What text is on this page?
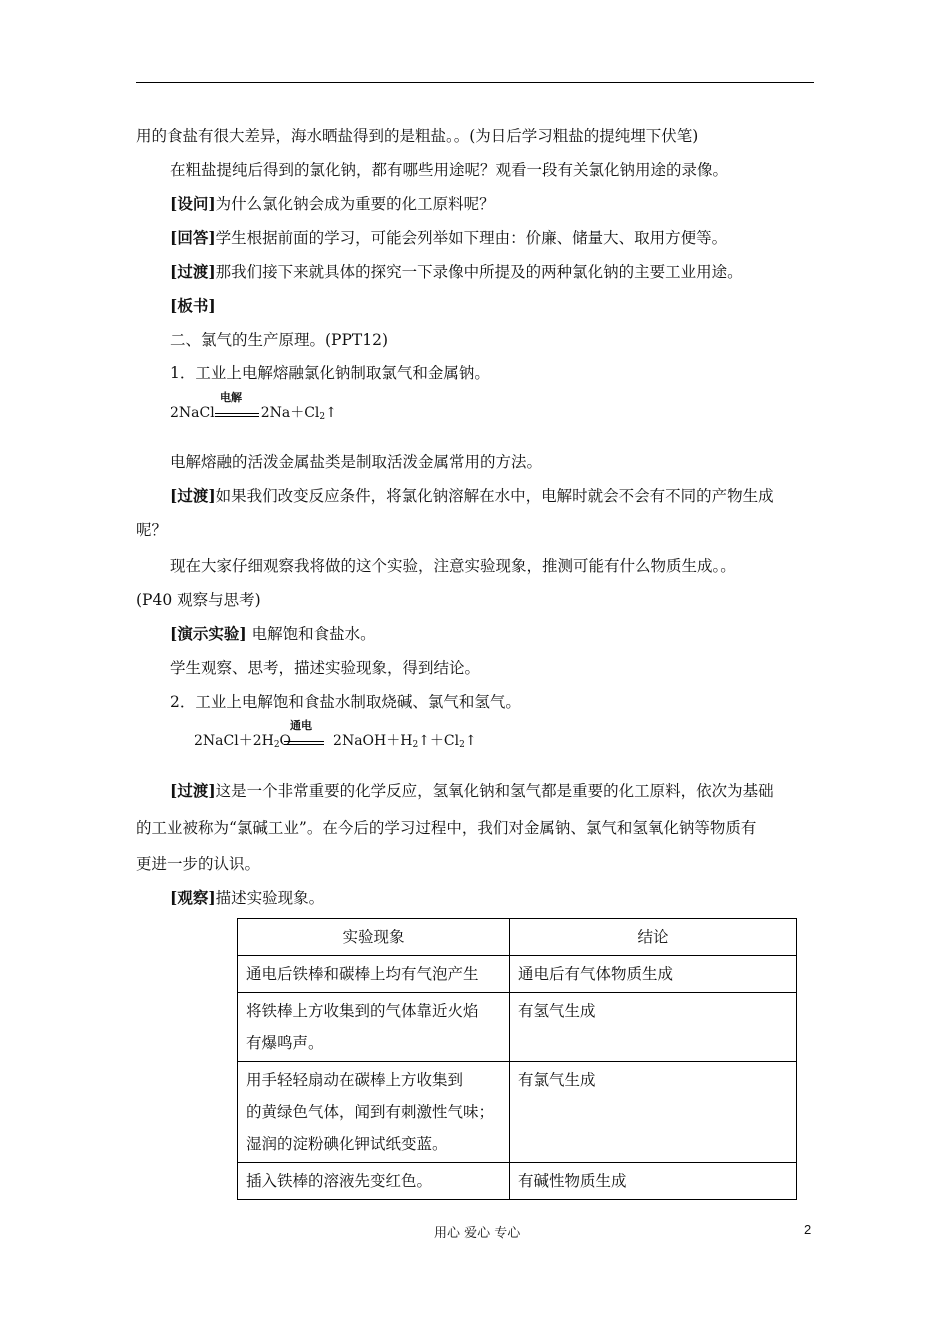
用的食盐有很大差异，海水晒盐得到的是粗盐。。(为日后学习粗盐的提纯埋下伏笔)
在粗盐提纯后得到的氯化钠，都有哪些用途呢？观看一段有关氯化钠用途的录像。
[设问]为什么氯化钠会成为重要的化工原料呢？
[回答]学生根据前面的学习，可能会列举如下理由：价廉、储量大、取用方便等。
[过渡]那我们接下来就具体的探究一下录像中所提及的两种氯化钠的主要工业用途。
[板书]
二、氯气的生产原理。(PPT12)
1．工业上电解熔融氯化钠制取氯气和金属钠。
2NaCl	$2Na+Cl_2↑$
电解
电解熔融的活泼金属盐类是制取活泼金属常用的方法。
[过渡]如果我们改变反应条件，将氯化钠溶解在水中，电解时就会不会有不同的产物生成
呢？
现在大家仔细观察我将做的这个实验，注意实验现象，推测可能有什么物质生成。。
(P40 观察与思考)
[演示实验] 电解饱和食盐水。
学生观察、思考，描述实验现象，得到结论。
2．工业上电解饱和食盐水制取烧碱、氯气和氢气。
$2NaCl+2H_2O$	$2NaOH+H_2↑+Cl_2↑$
通电
[过渡]这是一个非常重要的化学反应，氢氧化钠和氢气都是重要的化工原料，依次为基础
的工业被称为“氯碱工业”。在今后的学习过程中，我们对金属钠、氯气和氢氧化钠等物质有
更进一步的认识。
[观察]描述实验现象。
实验现象	结论

通电后铁棒和碳棒上均有气泡产生	通电后有气体物质生成

将铁棒上方收集到的气体靠近火焰
有爆鸣声。	有氢气生成

用手轻轻扇动在碳棒上方收集到
的黄绿色气体，闻到有刺激性气味；
湿润的淀粉碘化钾试纸变蓝。	有氯气生成

插入铁棒的溶液先变红色。	有碱性物质生成
用心 爱心 专心	2
